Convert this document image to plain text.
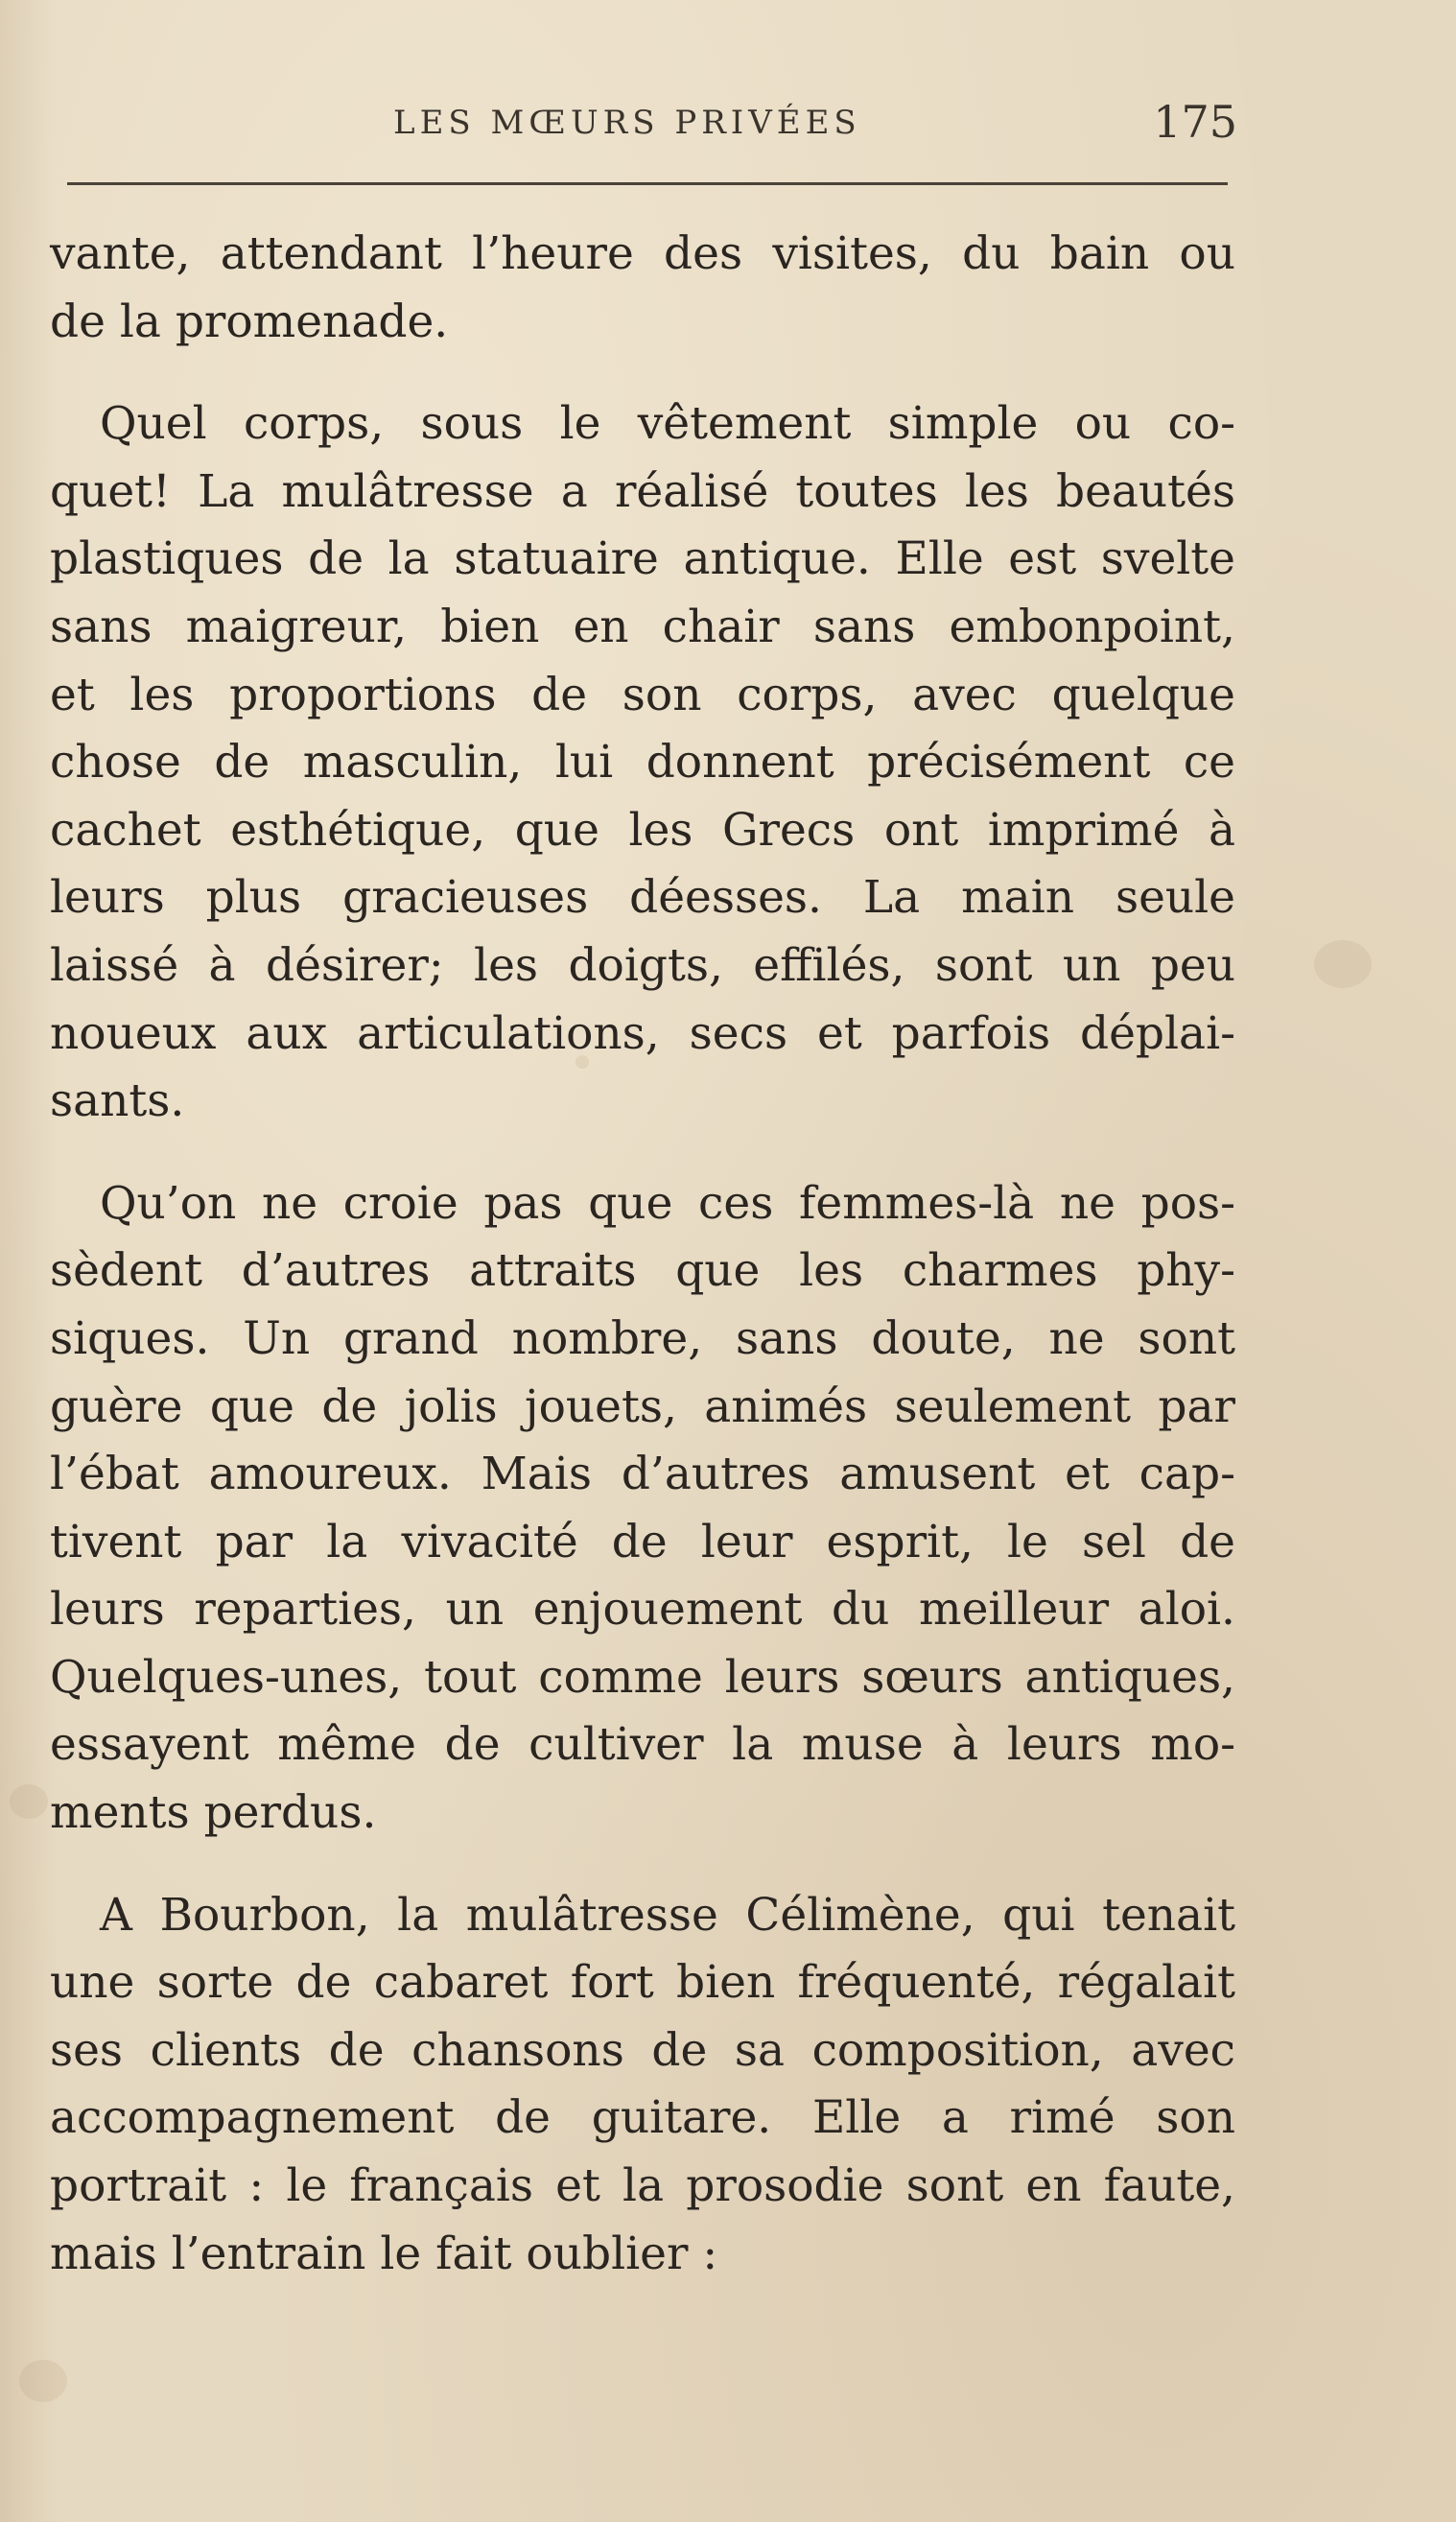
LES MŒURS PRIVÉES	175
vante, attendant l’heure des visites, du bain ou
de la promenade.
Quel corps, sous le vêtement simple ou co-
quet! La mulâtresse a réalisé toutes les beautés
plastiques de la statuaire antique. Elle est svelte
sans maigreur, bien en chair sans embonpoint,
et les proportions de son corps, avec quelque
chose de masculin, lui donnent précisément ce
cachet esthétique, que les Grecs ont imprimé à
leurs plus gracieuses déesses. La main seule
laissé à désirer; les doigts, effilés, sont un peu
noueux aux articulations, secs et parfois déplai-
sants.
Qu’on ne croie pas que ces femmes-là ne pos-
sèdent d’autres attraits que les charmes phy-
siques. Un grand nombre, sans doute, ne sont
guère que de jolis jouets, animés seulement par
l’ébat amoureux. Mais d’autres amusent et cap-
tivent par la vivacité de leur esprit, le sel de
leurs reparties, un enjouement du meilleur aloi.
Quelques-unes, tout comme leurs sœurs antiques,
essayent même de cultiver la muse à leurs mo-
ments perdus.
A Bourbon, la mulâtresse Célimène, qui tenait
une sorte de cabaret fort bien fréquenté, régalait
ses clients de chansons de sa composition, avec
accompagnement de guitare. Elle a rimé son
portrait : le français et la prosodie sont en faute,
mais l’entrain le fait oublier :
